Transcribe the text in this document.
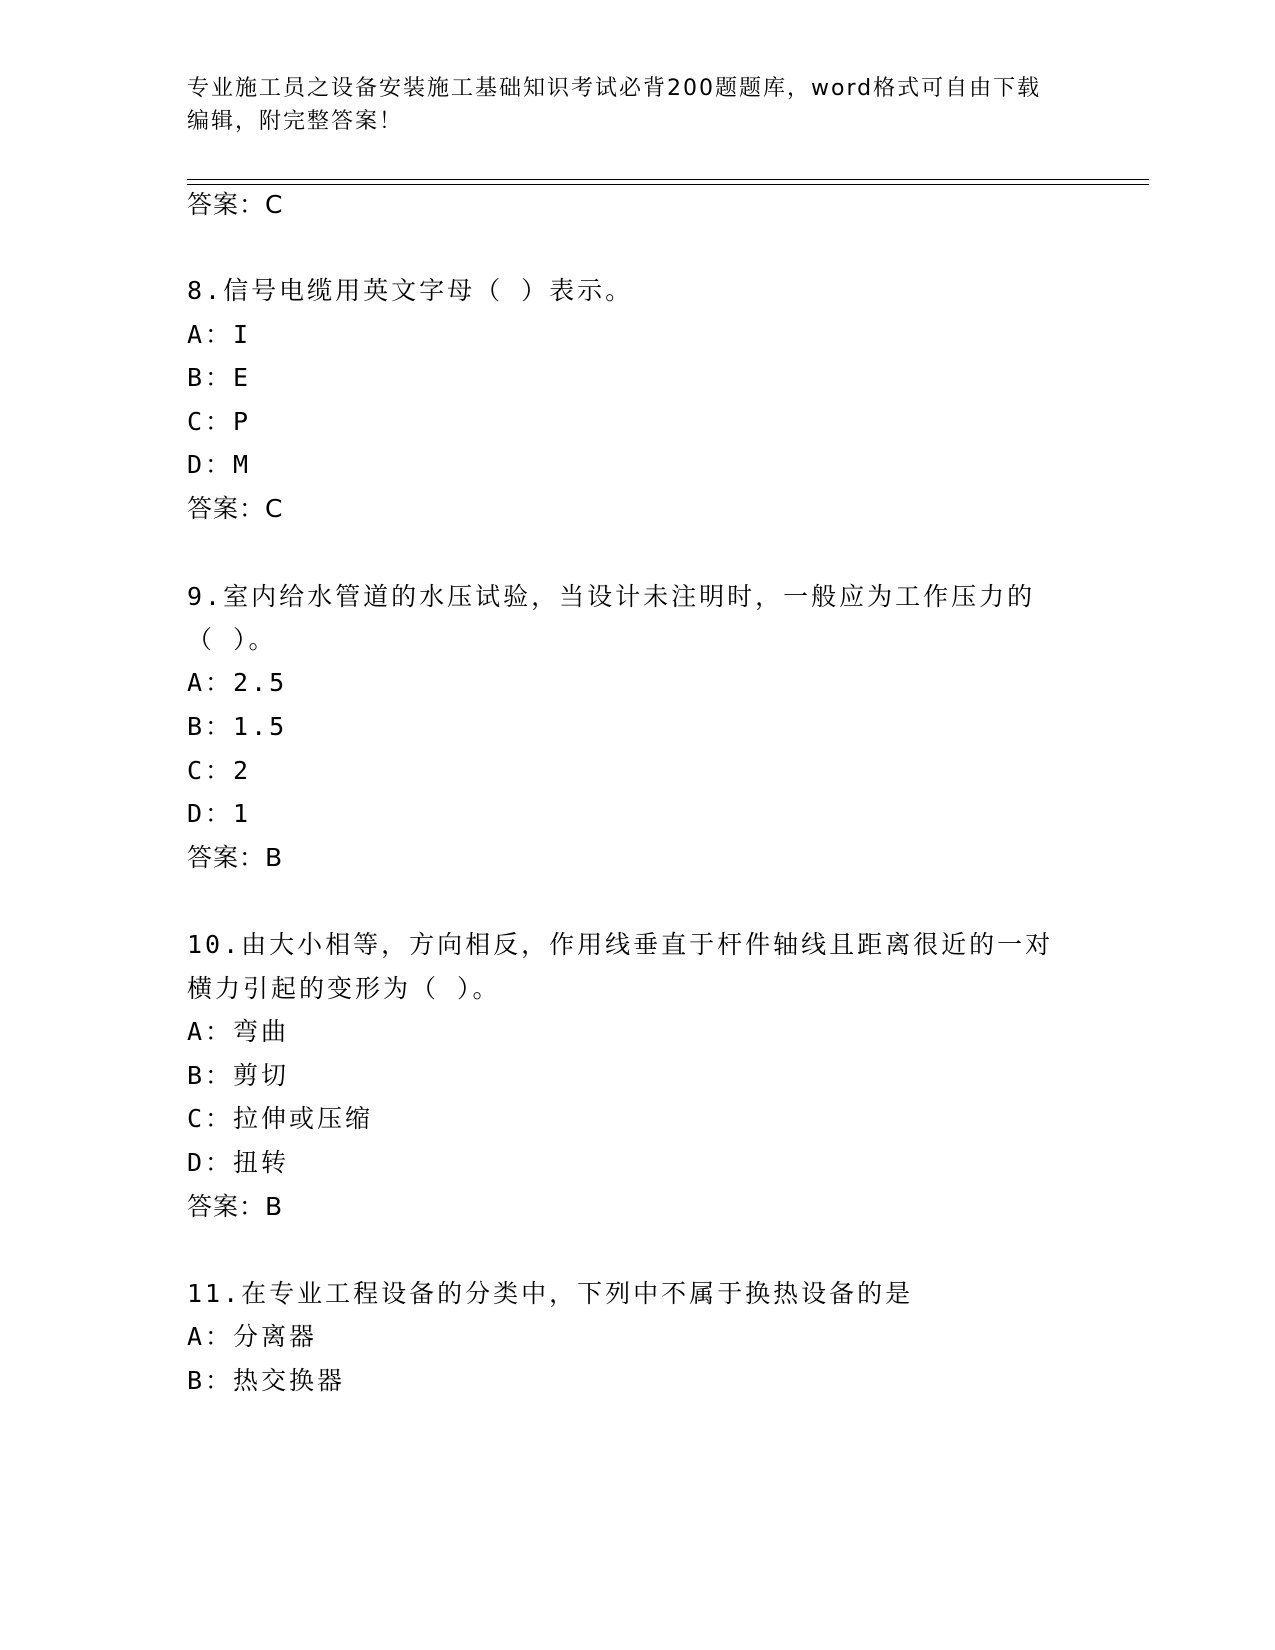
专业施工员之设备安装施工基础知识考试必背200题题库，word格式可自由下载
编辑，附完整答案！
答案：C
8.信号电缆用英文字母（ ）表示。
A：I
B：E
C：P
D：M
答案：C
9.室内给水管道的水压试验，当设计未注明时，一般应为工作压力的
（ ）。
A：2.5
B：1.5
C：2
D：1
答案：B
10.由大小相等，方向相反，作用线垂直于杆件轴线且距离很近的一对
横力引起的变形为（ ）。
A：弯曲
B：剪切
C：拉伸或压缩
D：扭转
答案：B
11.在专业工程设备的分类中，下列中不属于换热设备的是
A：分离器
B：热交换器
